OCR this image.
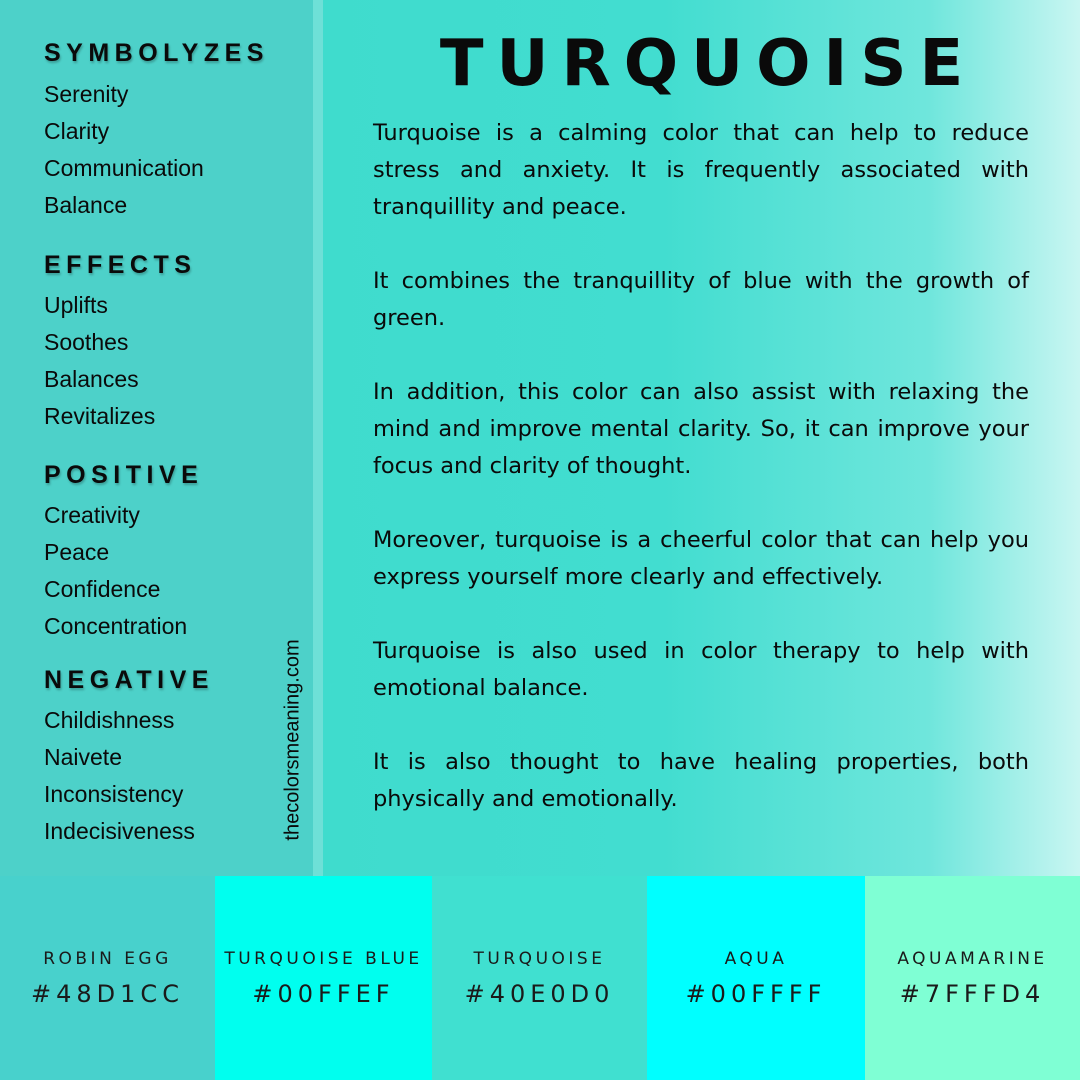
SYMBOLYZES
Serenity
Clarity
Communication
Balance
EFFECTS
Uplifts
Soothes
Balances
Revitalizes
POSITIVE
Creativity
Peace
Confidence
Concentration
NEGATIVE
Childishness
Naivete
Inconsistency
Indecisiveness	thecolorsmeaning.com
TURQUOISE

Turquoise is a calming color that can help to reduce stress and anxiety. It is frequently associated with tranquillity and peace.

It combines the tranquillity of blue with the growth of green.

In addition, this color can also assist with relaxing the mind and improve mental clarity. So, it can improve your focus and clarity of thought.

Moreover, turquoise is a cheerful color that can help you express yourself more clearly and effectively.

Turquoise is also used in color therapy to help with emotional balance.

It is also thought to have healing properties, both physically and emotionally.

ROBIN EGG
#48D1CC
TURQUOISE BLUE
#00FFEF
TURQUOISE
#40E0D0
AQUA
#00FFFF
AQUAMARINE
#7FFFD4
